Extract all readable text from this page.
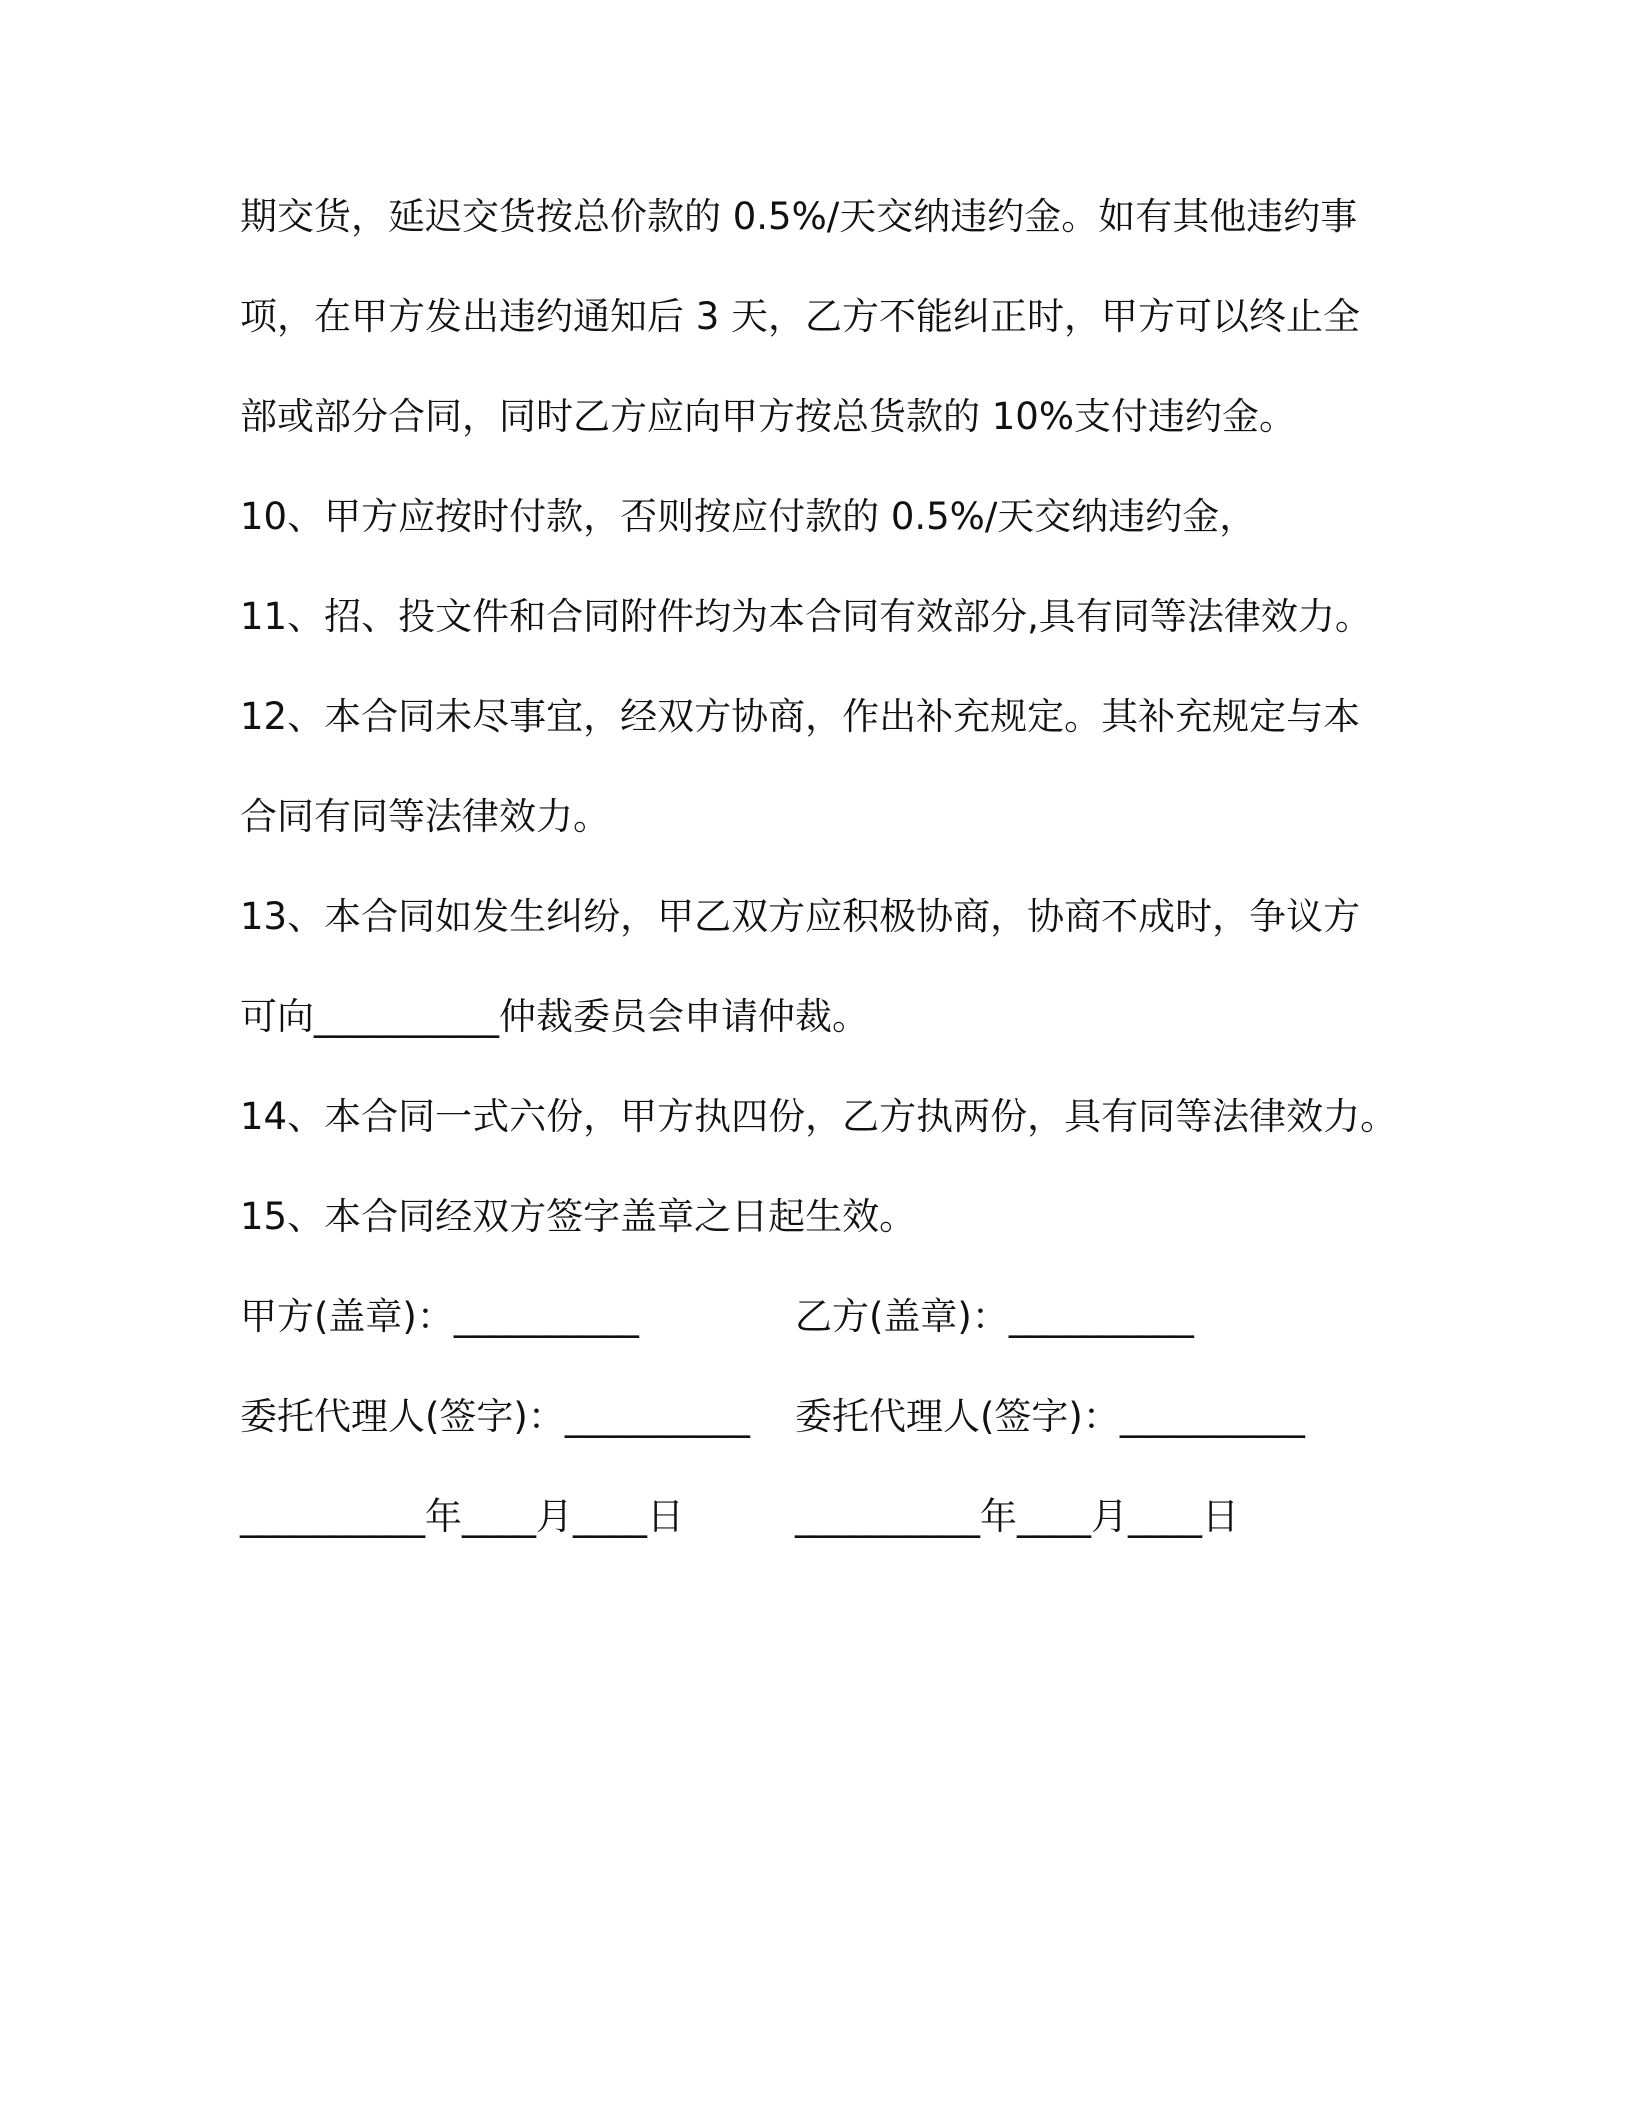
期交货，延迟交货按总价款的 0.5%/天交纳违约金。如有其他违约事
项，在甲方发出违约通知后 3 天，乙方不能纠正时，甲方可以终止全
部或部分合同，同时乙方应向甲方按总货款的 10%支付违约金。
10、甲方应按时付款，否则按应付款的 0.5%/天交纳违约金，
11、招、投文件和合同附件均为本合同有效部分,具有同等法律效力。
12、本合同未尽事宜，经双方协商，作出补充规定。其补充规定与本
合同有同等法律效力。
13、本合同如发生纠纷，甲乙双方应积极协商，协商不成时，争议方
可向__________仲裁委员会申请仲裁。
14、本合同一式六份，甲方执四份，乙方执两份，具有同等法律效力。
15、本合同经双方签字盖章之日起生效。
甲方(盖章)：__________	乙方(盖章)：__________
委托代理人(签字)：__________ 委托代理人(签字)：__________
__________年____月____日	__________年____月____日
